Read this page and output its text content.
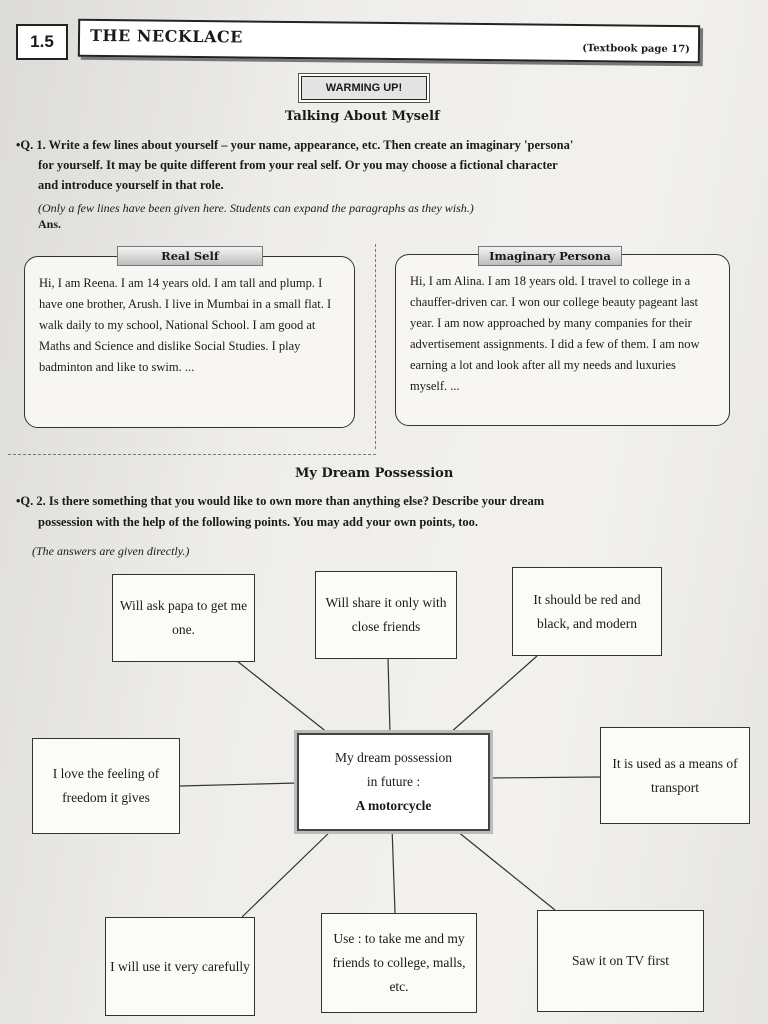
1.5	THE NECKLACE
(Textbook page 17)
WARMING UP!
Talking About Myself
•Q. 1. Write a few lines about yourself – your name, appearance, etc. Then create an imaginary 'persona'
for yourself. It may be quite different from your real self. Or you may choose a fictional character
and introduce yourself in that role.
(Only a few lines have been given here. Students can expand the paragraphs as they wish.)
Ans.
Hi, I am Reena. I am 14 years old. I am tall and plump. I have one brother, Arush. I live in Mumbai in a small flat. I walk daily to my school, National School. I am good at Maths and Science and dislike Social Studies. I play badminton and like to swim. ...
Real Self
Hi, I am Alina. I am 18 years old. I travel to college in a chauffer-driven car. I won our college beauty pageant last year. I am now approached by many companies for their advertisement assignments. I did a few of them. I am now earning a lot and look after all my needs and luxuries myself. ...
Imaginary Persona
My Dream Possession
•Q. 2. Is there something that you would like to own more than anything else? Describe your dream
possession with the help of the following points. You may add your own points, too.
(The answers are given directly.)
Will ask papa to get me one.
Will share it only with close friends
It should be red and black, and modern
I love the feeling of freedom it gives
It is used as a means of transport
I will use it very carefully
Use : to take me and my friends to college, malls, etc.
Saw it on TV first
My dream possession
in future :
A motorcycle
